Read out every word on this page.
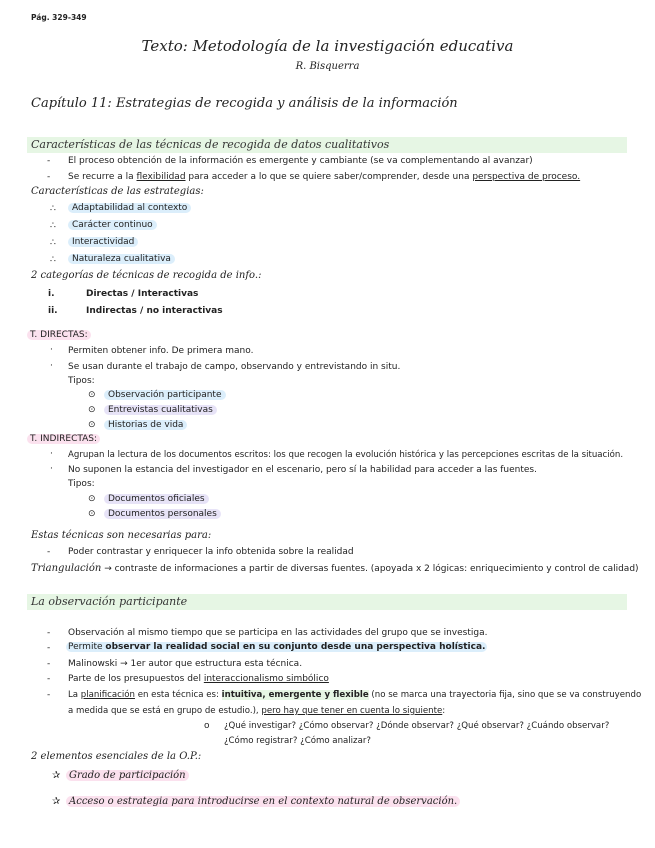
Pág. 329-349
Texto: Metodología de la investigación educativa
R. Bisquerra
Capítulo 11: Estrategias de recogida y análisis de la información
Características de las técnicas de recogida de datos cualitativos
- El proceso obtención de la información es emergente y cambiante (se va complementando al avanzar)
- Se recurre a la flexibilidad para acceder a lo que se quiere saber/comprender, desde una perspectiva de proceso.
Características de las estrategias:
∴	Adaptabilidad al contexto
∴	Carácter continuo
∴	Interactividad
∴	Naturaleza cualitativa
2 categorías de técnicas de recogida de info.:
i.	Directas / Interactivas
ii.	Indirectas / no interactivas
T. DIRECTAS:
· Permiten obtener info. De primera mano.
· Se usan durante el trabajo de campo, observando y entrevistando in situ.
Tipos:
⊙	Observación participante
⊙	Entrevistas cualitativas
⊙	Historias de vida
T. INDIRECTAS:
· Agrupan la lectura de los documentos escritos: los que recogen la evolución histórica y las percepciones escritas de la situación.
· No suponen la estancia del investigador en el escenario, pero sí la habilidad para acceder a las fuentes.
Tipos:
⊙	Documentos oficiales
⊙	Documentos personales
Estas técnicas son necesarias para:
- Poder contrastar y enriquecer la info obtenida sobre la realidad
Triangulación → contraste de informaciones a partir de diversas fuentes. (apoyada x 2 lógicas: enriquecimiento y control de calidad)
La observación participante
- Observación al mismo tiempo que se participa en las actividades del grupo que se investiga.
- Permite observar la realidad social en su conjunto desde una perspectiva holística.
- Malinowski → 1er autor que estructura esta técnica.
- Parte de los presupuestos del interaccionalismo simbólico
- La planificación en esta técnica es: intuitiva, emergente y flexible (no se marca una trayectoria fija, sino que se va construyendo
a medida que se está en grupo de estudio.), pero hay que tener en cuenta lo siguiente:
o ¿Qué investigar? ¿Cómo observar? ¿Dónde observar? ¿Qué observar? ¿Cuándo observar?
¿Cómo registrar? ¿Cómo analizar?
2 elementos esenciales de la O.P.:
✰ Grado de participación
✰ Acceso o estrategia para introducirse en el contexto natural de observación.
